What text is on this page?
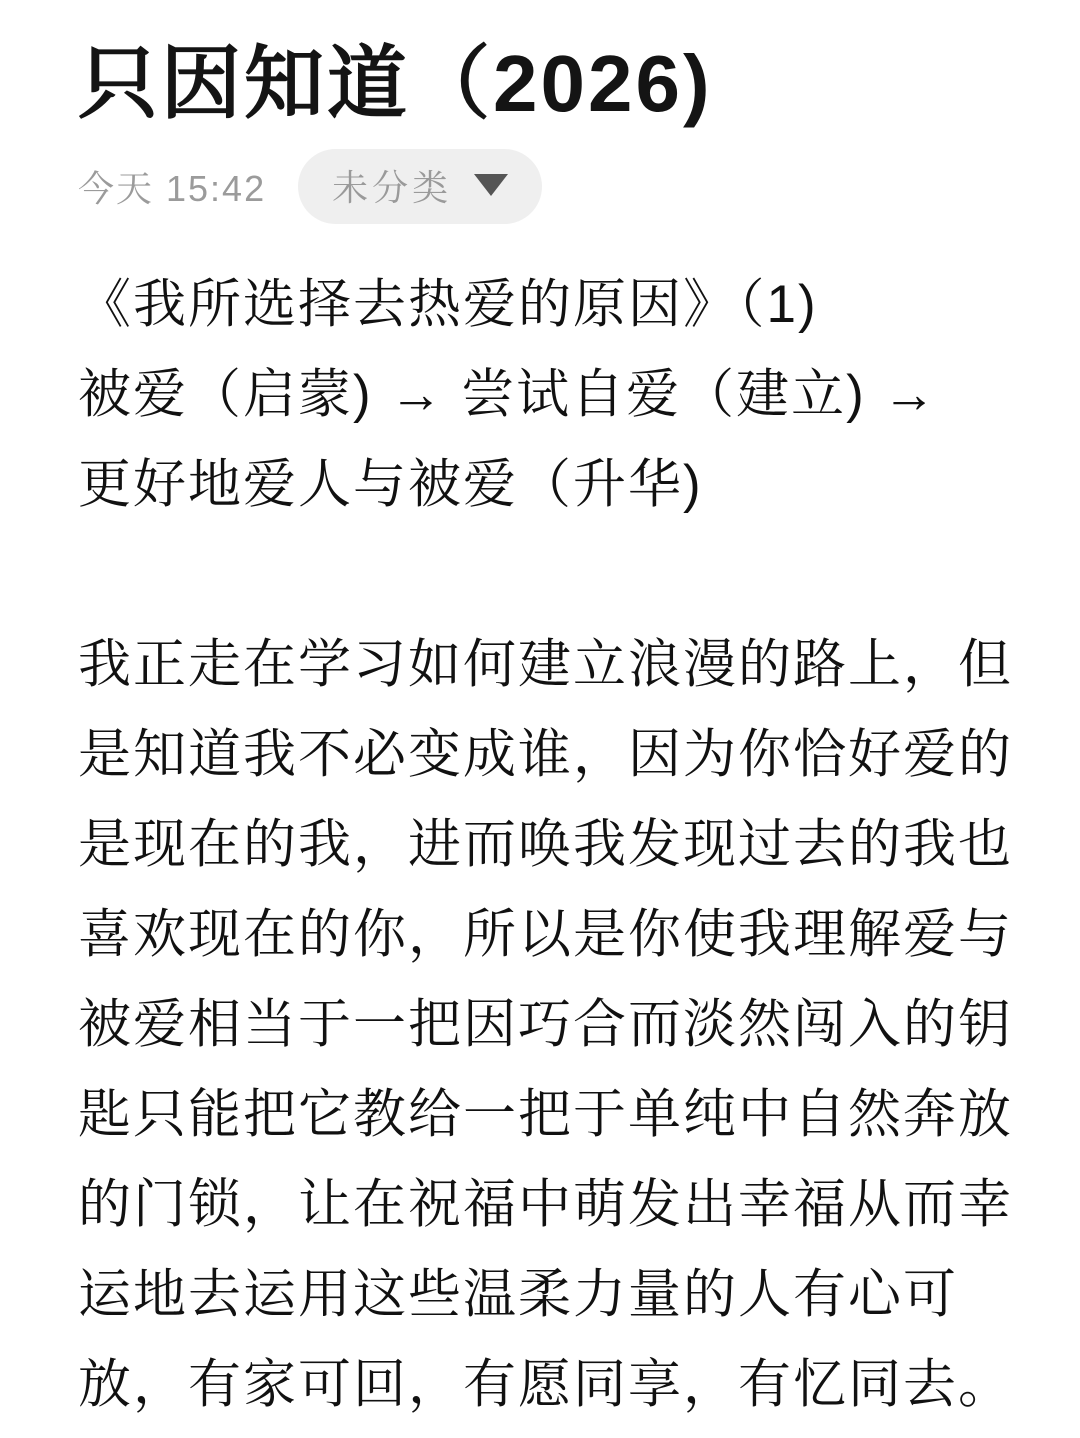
只因知道（2026)
今天 15:42 未分类
《我所选择去热爱的原因》（1)
被爱（启蒙) → 尝试自爱（建立) →
更好地爱人与被爱（升华)
我正走在学习如何建立浪漫的路上，但
是知道我不必变成谁，因为你恰好爱的
是现在的我，进而唤我发现过去的我也
喜欢现在的你，所以是你使我理解爱与
被爱相当于一把因巧合而淡然闯入的钥
匙只能把它教给一把于单纯中自然奔放
的门锁，让在祝福中萌发出幸福从而幸
运地去运用这些温柔力量的人有心可
放，有家可回，有愿同享，有忆同去。
